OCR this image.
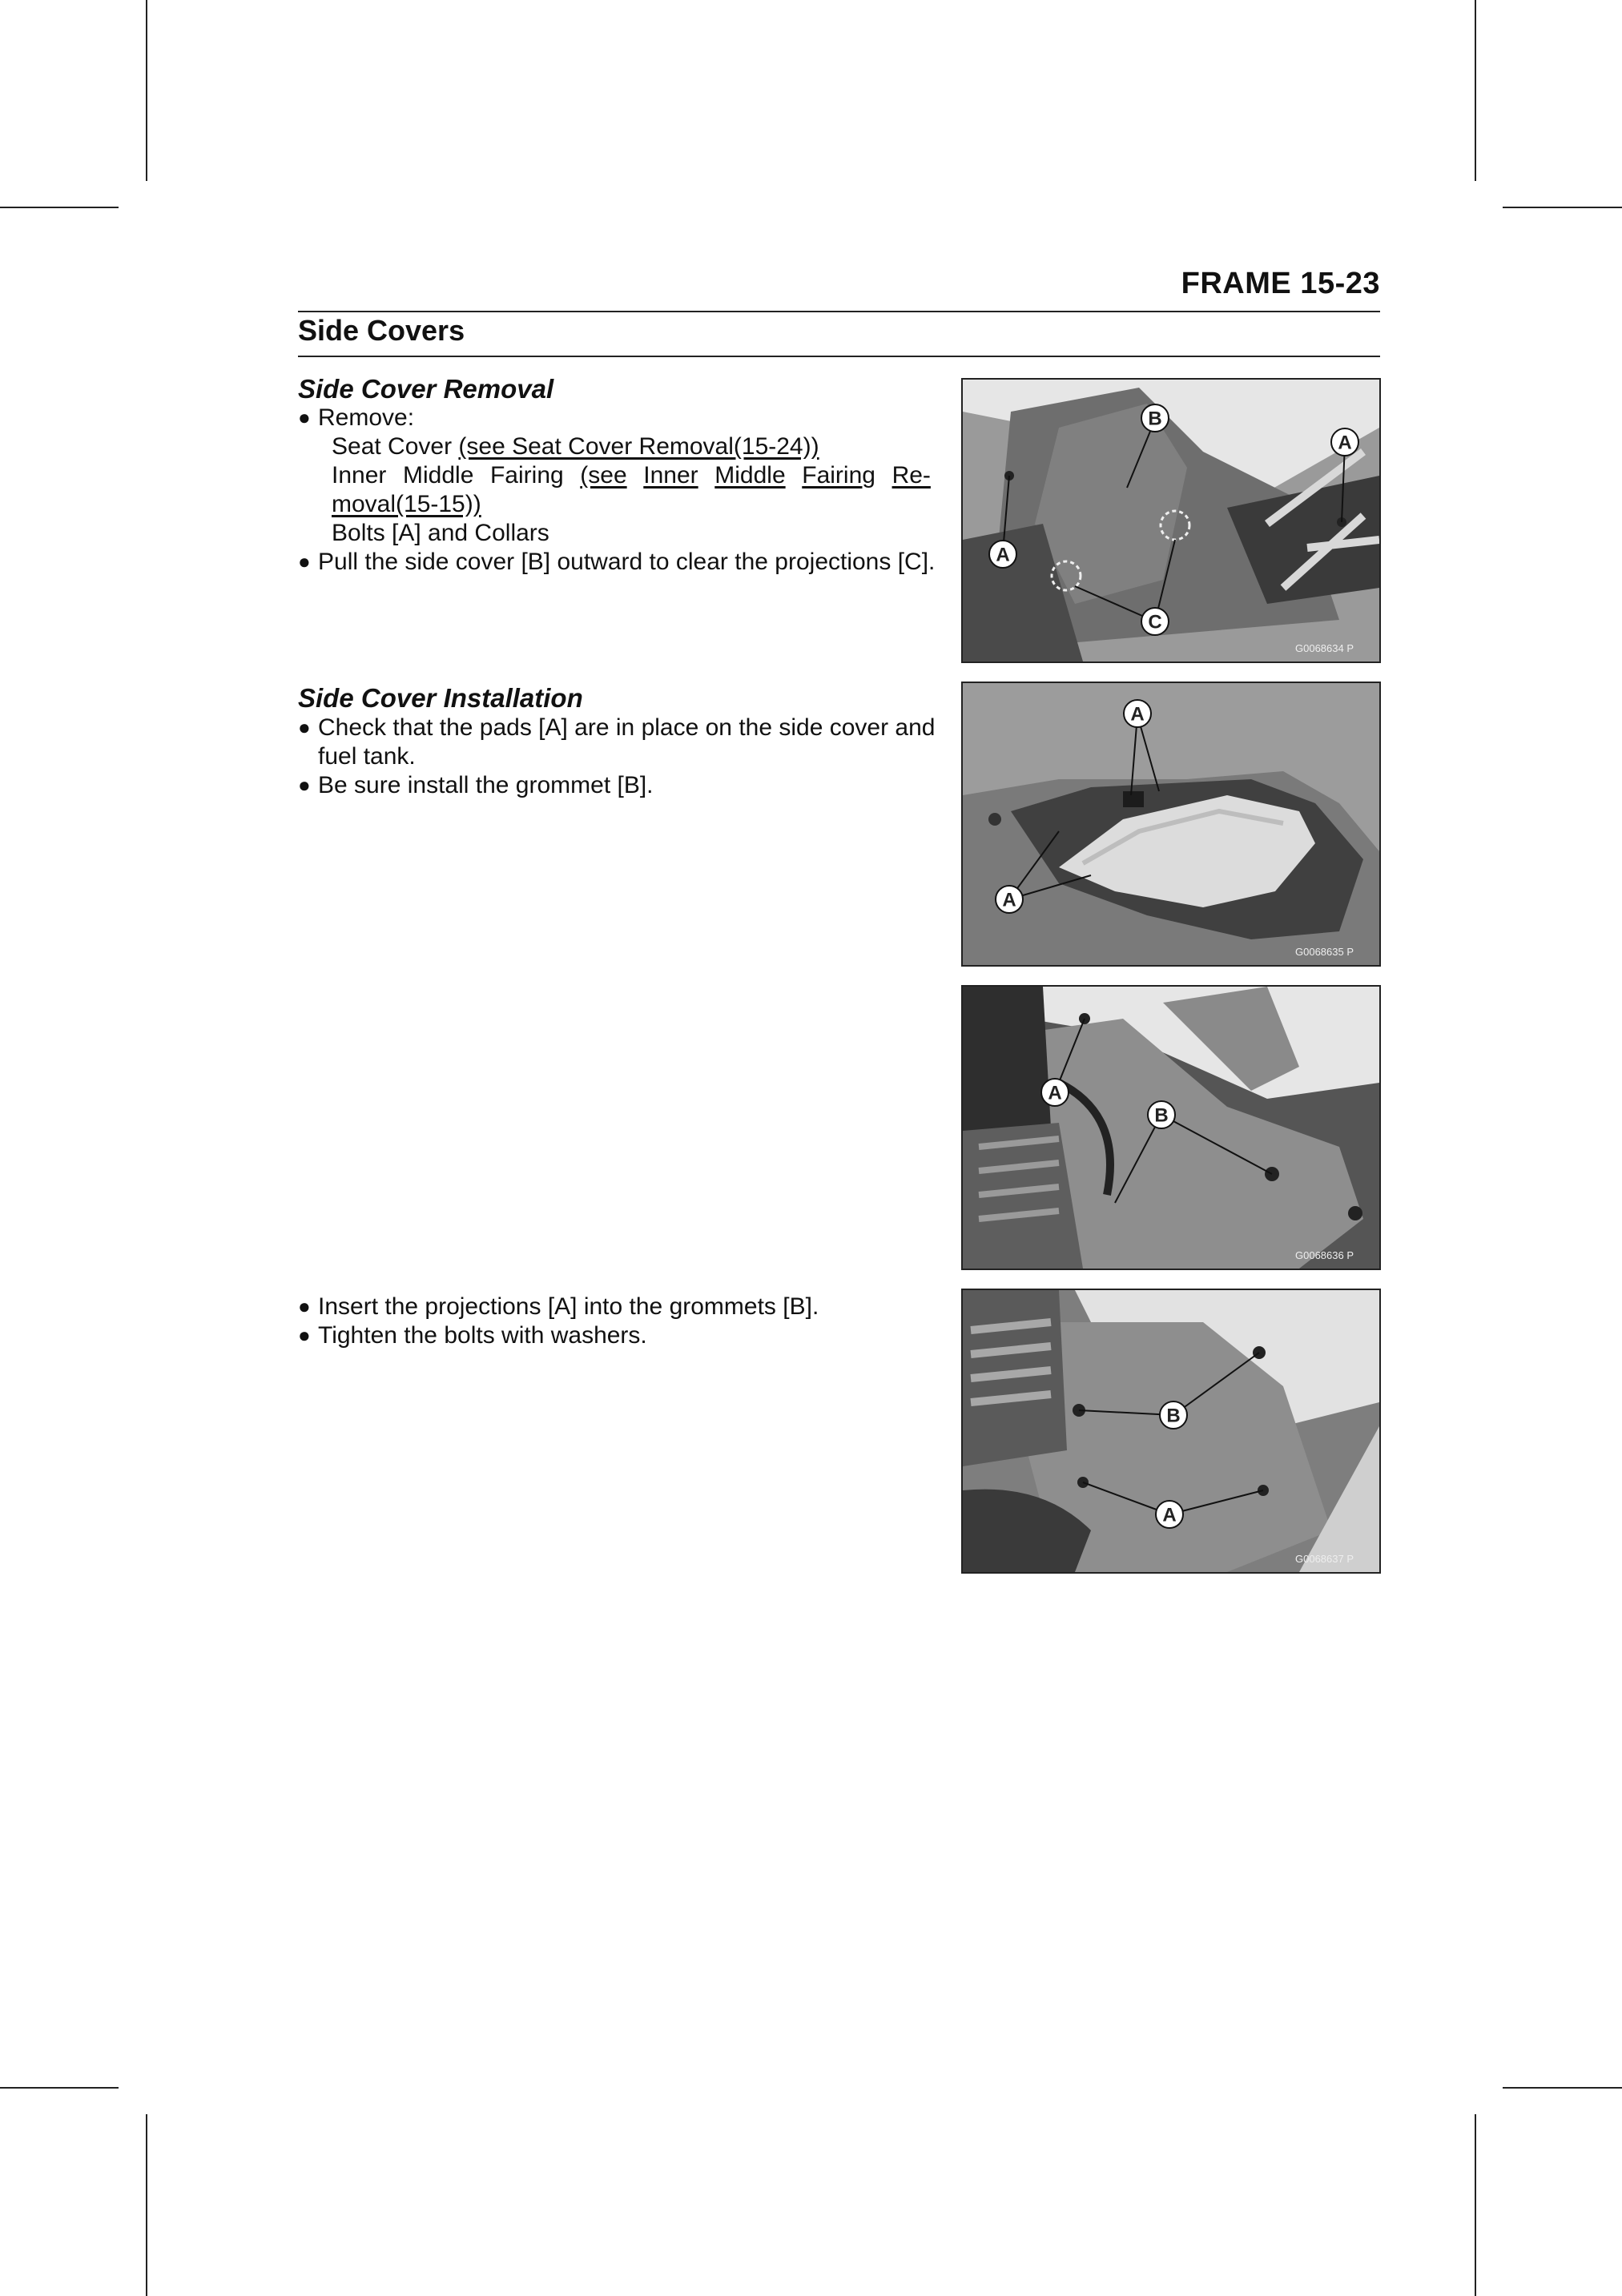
FRAME 15-23
Side Covers
Side Cover Removal
● Remove:
Seat Cover (see Seat Cover Removal(15-24))
Inner Middle Fairing (see Inner Middle Fairing Re-
moval(15-15))
Bolts [A] and Collars
● Pull the side cover [B] outward to clear the projections [C].
Side Cover Installation
● Check that the pads [A] are in place on the side cover and
fuel tank.
● Be sure install the grommet [B].
● Insert the projections [A] into the grommets [B].
● Tighten the bolts with washers.
A
A
B
C
G0068634 P
A
A
G0068635 P
A
B
G0068636 P
B
A
G0068637 P
